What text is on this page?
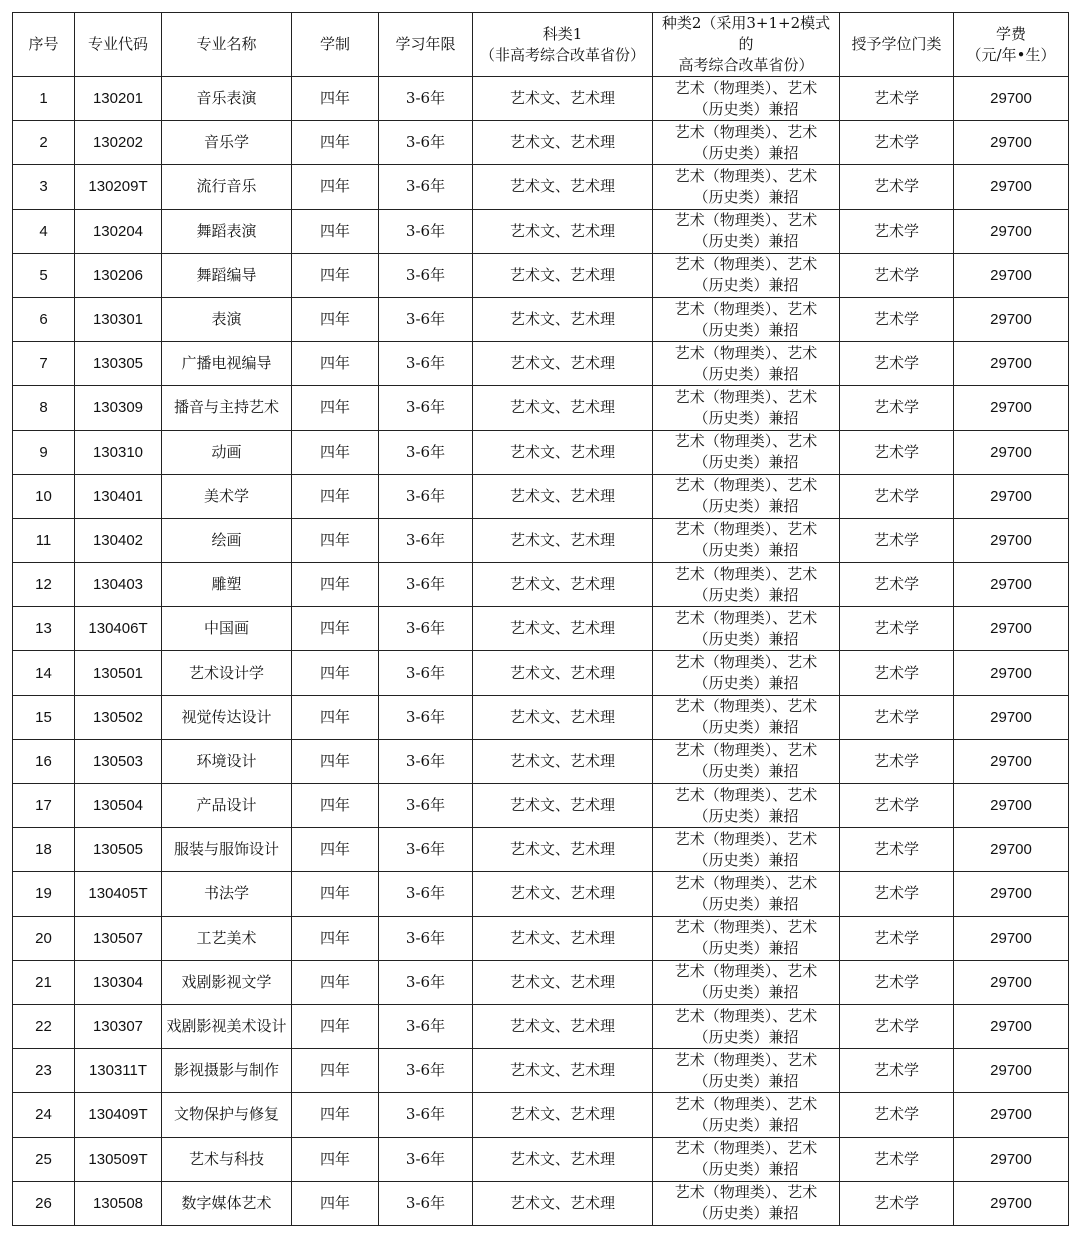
序号	专业代码	专业名称	学制	学习年限	科类1
（非高考综合改革省份）	种类2（采用3+1+2模式的
高考综合改革省份）	授予学位门类	学费
（元/年•生）

1	130201	音乐表演	四年	3-6年	艺术文、艺术理	艺术（物理类）、艺术
（历史类）兼招	艺术学	29700
2	130202	音乐学	四年	3-6年	艺术文、艺术理	艺术（物理类）、艺术
（历史类）兼招	艺术学	29700
3	130209T	流行音乐	四年	3-6年	艺术文、艺术理	艺术（物理类）、艺术
（历史类）兼招	艺术学	29700
4	130204	舞蹈表演	四年	3-6年	艺术文、艺术理	艺术（物理类）、艺术
（历史类）兼招	艺术学	29700
5	130206	舞蹈编导	四年	3-6年	艺术文、艺术理	艺术（物理类）、艺术
（历史类）兼招	艺术学	29700
6	130301	表演	四年	3-6年	艺术文、艺术理	艺术（物理类）、艺术
（历史类）兼招	艺术学	29700
7	130305	广播电视编导	四年	3-6年	艺术文、艺术理	艺术（物理类）、艺术
（历史类）兼招	艺术学	29700
8	130309	播音与主持艺术	四年	3-6年	艺术文、艺术理	艺术（物理类）、艺术
（历史类）兼招	艺术学	29700
9	130310	动画	四年	3-6年	艺术文、艺术理	艺术（物理类）、艺术
（历史类）兼招	艺术学	29700
10	130401	美术学	四年	3-6年	艺术文、艺术理	艺术（物理类）、艺术
（历史类）兼招	艺术学	29700
11	130402	绘画	四年	3-6年	艺术文、艺术理	艺术（物理类）、艺术
（历史类）兼招	艺术学	29700
12	130403	雕塑	四年	3-6年	艺术文、艺术理	艺术（物理类）、艺术
（历史类）兼招	艺术学	29700
13	130406T	中国画	四年	3-6年	艺术文、艺术理	艺术（物理类）、艺术
（历史类）兼招	艺术学	29700
14	130501	艺术设计学	四年	3-6年	艺术文、艺术理	艺术（物理类）、艺术
（历史类）兼招	艺术学	29700
15	130502	视觉传达设计	四年	3-6年	艺术文、艺术理	艺术（物理类）、艺术
（历史类）兼招	艺术学	29700
16	130503	环境设计	四年	3-6年	艺术文、艺术理	艺术（物理类）、艺术
（历史类）兼招	艺术学	29700
17	130504	产品设计	四年	3-6年	艺术文、艺术理	艺术（物理类）、艺术
（历史类）兼招	艺术学	29700
18	130505	服装与服饰设计	四年	3-6年	艺术文、艺术理	艺术（物理类）、艺术
（历史类）兼招	艺术学	29700
19	130405T	书法学	四年	3-6年	艺术文、艺术理	艺术（物理类）、艺术
（历史类）兼招	艺术学	29700
20	130507	工艺美术	四年	3-6年	艺术文、艺术理	艺术（物理类）、艺术
（历史类）兼招	艺术学	29700
21	130304	戏剧影视文学	四年	3-6年	艺术文、艺术理	艺术（物理类）、艺术
（历史类）兼招	艺术学	29700
22	130307	戏剧影视美术设计	四年	3-6年	艺术文、艺术理	艺术（物理类）、艺术
（历史类）兼招	艺术学	29700
23	130311T	影视摄影与制作	四年	3-6年	艺术文、艺术理	艺术（物理类）、艺术
（历史类）兼招	艺术学	29700
24	130409T	文物保护与修复	四年	3-6年	艺术文、艺术理	艺术（物理类）、艺术
（历史类）兼招	艺术学	29700
25	130509T	艺术与科技	四年	3-6年	艺术文、艺术理	艺术（物理类）、艺术
（历史类）兼招	艺术学	29700
26	130508	数字媒体艺术	四年	3-6年	艺术文、艺术理	艺术（物理类）、艺术
（历史类）兼招	艺术学	29700
